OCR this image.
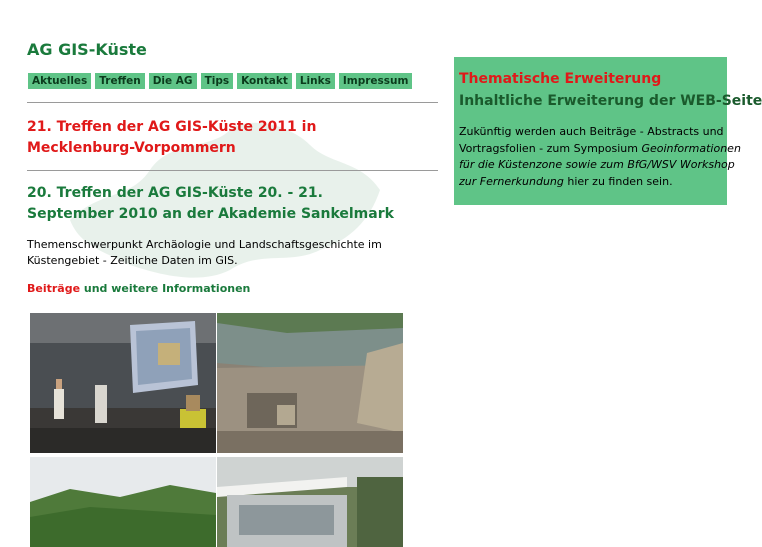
AG GIS-Küste
Aktuelles	Treffen	Die AG	Tips	Kontakt	Links	Impressum
21. Treffen der AG GIS-Küste 2011 in Mecklenburg-Vorpommern
20. Treffen der AG GIS-Küste 20. - 21. September 2010 an der Akademie Sankelmark
Themenschwerpunkt Archäologie und Landschaftsgeschichte im Küstengebiet - Zeitliche Daten im GIS.
Beiträge und weitere Informationen
Thematische Erweiterung
Inhaltliche Erweiterung der WEB-Seite
Zukünftig werden auch Beiträge - Abstracts und Vortragsfolien - zum Symposium Geoinformationen für die Küstenzone sowie zum BfG/WSV Workshop zur Fernerkundung hier zu finden sein.
